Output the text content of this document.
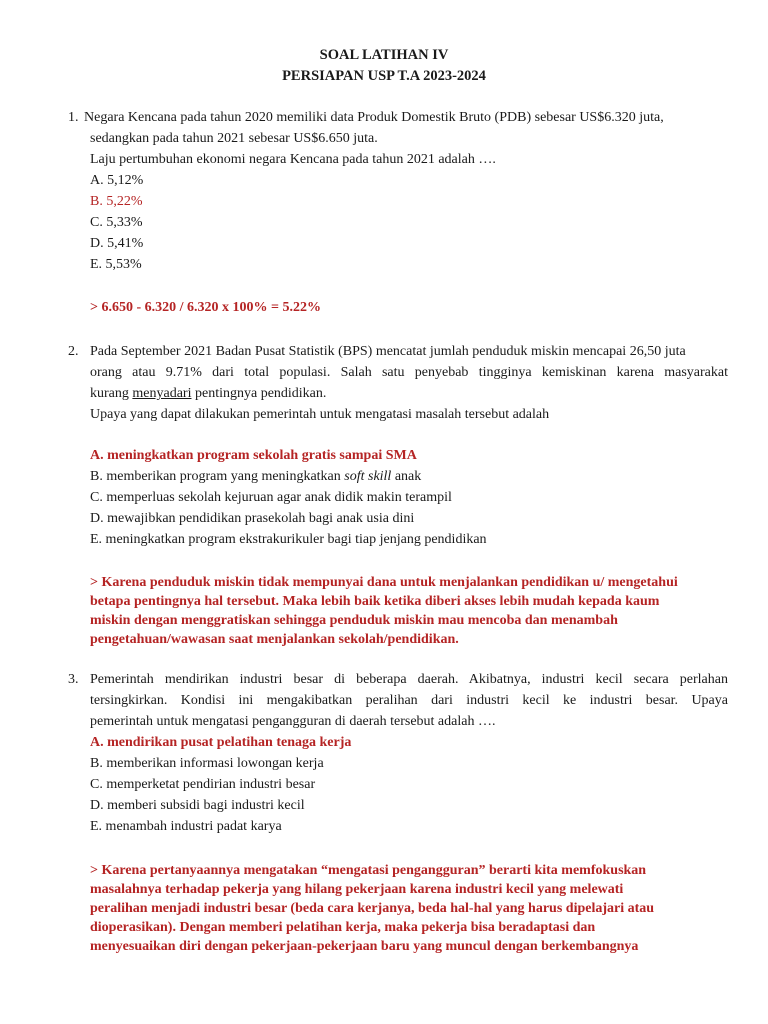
SOAL LATIHAN IV
PERSIAPAN USP T.A 2023-2024
1. Negara Kencana pada tahun 2020 memiliki data Produk Domestik Bruto (PDB) sebesar US$6.320 juta,
sedangkan pada tahun 2021 sebesar US$6.650 juta.
Laju pertumbuhan ekonomi negara Kencana pada tahun 2021 adalah ….
A. 5,12%
B. 5,22%
C. 5,33%
D. 5,41%
E. 5,53%
> 6.650 - 6.320 / 6.320 x 100% = 5.22%
2. Pada September 2021 Badan Pusat Statistik (BPS) mencatat jumlah penduduk miskin mencapai 26,50 juta
orang atau 9.71% dari total populasi. Salah satu penyebab tingginya kemiskinan karena masyarakat
kurang menyadari pentingnya pendidikan.
Upaya yang dapat dilakukan pemerintah untuk mengatasi masalah tersebut adalah
A. meningkatkan program sekolah gratis sampai SMA
B. memberikan program yang meningkatkan soft skill anak
C. memperluas sekolah kejuruan agar anak didik makin terampil
D. mewajibkan pendidikan prasekolah bagi anak usia dini
E. meningkatkan program ekstrakurikuler bagi tiap jenjang pendidikan
> Karena penduduk miskin tidak mempunyai dana untuk menjalankan pendidikan u/ mengetahui
betapa pentingnya hal tersebut. Maka lebih baik ketika diberi akses lebih mudah kepada kaum
miskin dengan menggratiskan sehingga penduduk miskin mau mencoba dan menambah
pengetahuan/wawasan saat menjalankan sekolah/pendidikan.
3. Pemerintah mendirikan industri besar di beberapa daerah. Akibatnya, industri kecil secara perlahan
tersingkirkan. Kondisi ini mengakibatkan peralihan dari industri kecil ke industri besar. Upaya
pemerintah untuk mengatasi pengangguran di daerah tersebut adalah ….
A. mendirikan pusat pelatihan tenaga kerja
B. memberikan informasi lowongan kerja
C. memperketat pendirian industri besar
D. memberi subsidi bagi industri kecil
E. menambah industri padat karya
> Karena pertanyaannya mengatakan “mengatasi pengangguran” berarti kita memfokuskan
masalahnya terhadap pekerja yang hilang pekerjaan karena industri kecil yang melewati
peralihan menjadi industri besar (beda cara kerjanya, beda hal-hal yang harus dipelajari atau
dioperasikan). Dengan memberi pelatihan kerja, maka pekerja bisa beradaptasi dan
menyesuaikan diri dengan pekerjaan-pekerjaan baru yang muncul dengan berkembangnya
